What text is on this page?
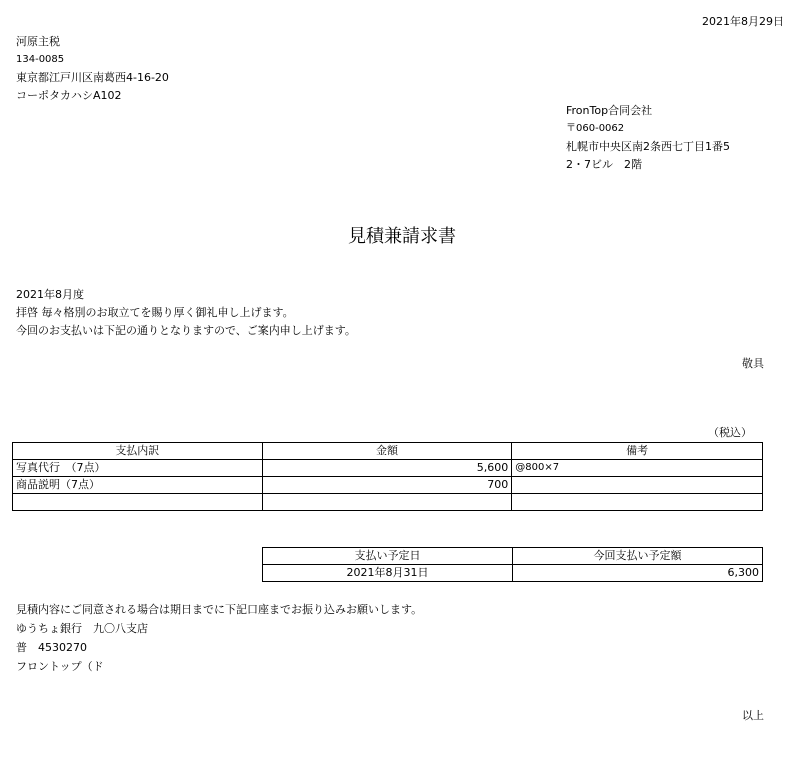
2021年8月29日
河原主税
134-0085
東京都江戸川区南葛西4-16-20
コーポタカハシA102
FronTop合同会社
〒060-0062
札幌市中央区南2条西七丁目1番5
2・7ビル　2階
見積兼請求書
2021年8月度
拝啓 毎々格別のお取立てを賜り厚く御礼申し上げます。
今回のお支払いは下記の通りとなりますので、ご案内申し上げます。
敬具
（税込）
支払内訳	金額	備考
写真代行　（7点）	5,600	@800×7
商品説明（7点）	700	

支払い予定日	今回支払い予定額
2021年8月31日	6,300
見積内容にご同意される場合は期日までに下記口座までお振り込みお願いします。
ゆうちょ銀行　九〇八支店
普　4530270
フロントップ（ド
以上
